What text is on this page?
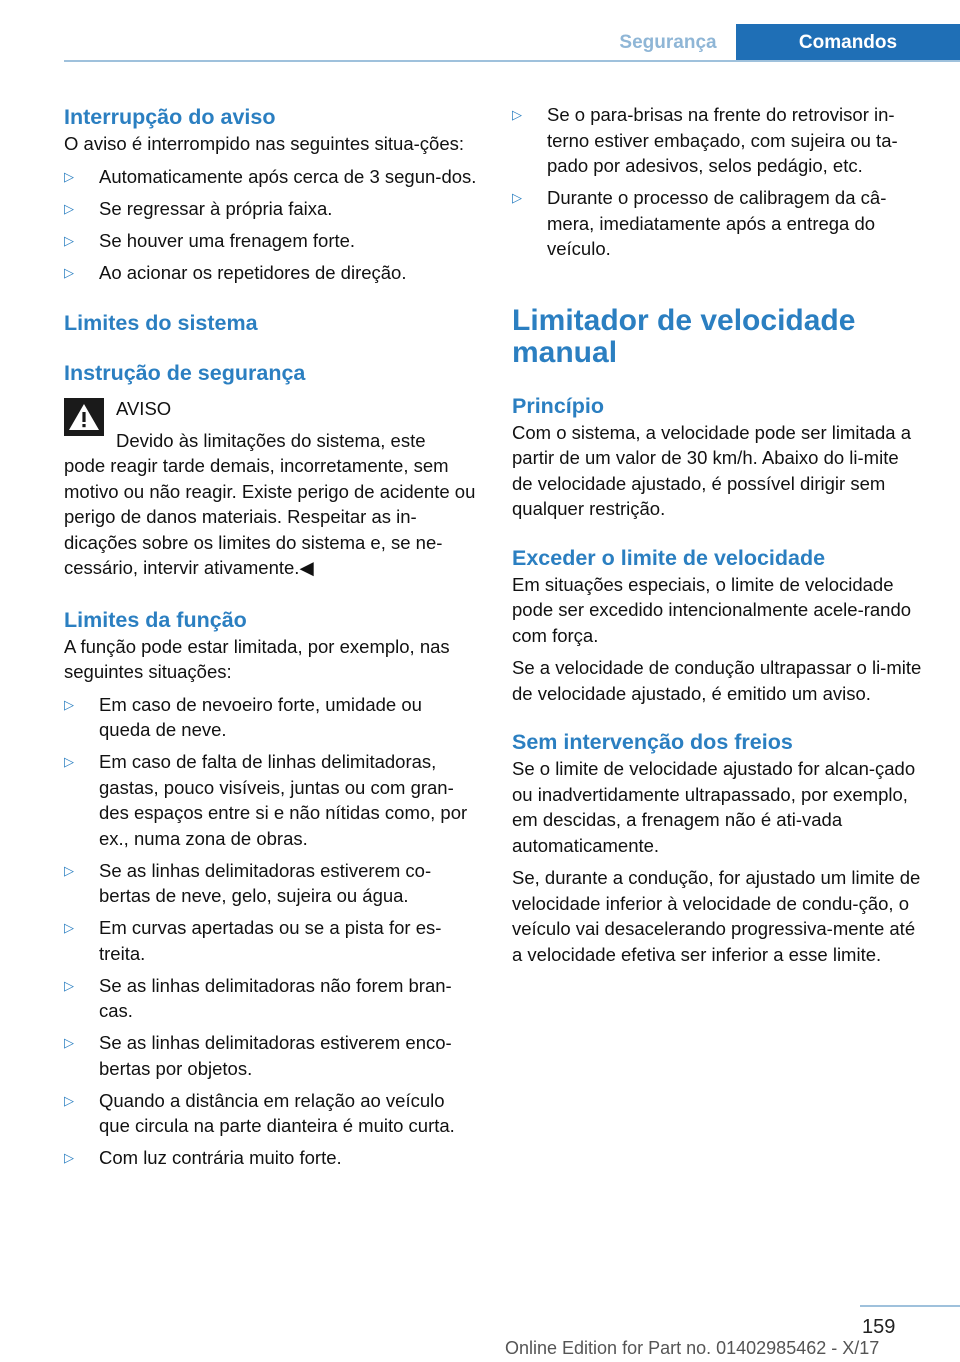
Segurança	Comandos
Interrupção do aviso
O aviso é interrompido nas seguintes situa-ções:
▷ Automaticamente após cerca de 3 segun-dos.
▷ Se regressar à própria faixa.
▷ Se houver uma frenagem forte.
▷ Ao acionar os repetidores de direção.
Limites do sistema
Instrução de segurança
AVISO
Devido às limitações do sistema, este
pode reagir tarde demais, incorretamente, sem motivo ou não reagir. Existe perigo de acidente ou perigo de danos materiais. Respeitar as in-dicações sobre os limites do sistema e, se ne-cessário, intervir ativamente.◀
Limites da função
A função pode estar limitada, por exemplo, nas seguintes situações:
▷ Em caso de nevoeiro forte, umidade ou queda de neve.
▷ Em caso de falta de linhas delimitadoras, gastas, pouco visíveis, juntas ou com gran-des espaços entre si e não nítidas como, por ex., numa zona de obras.
▷ Se as linhas delimitadoras estiverem co-bertas de neve, gelo, sujeira ou água.
▷ Em curvas apertadas ou se a pista for es-treita.
▷ Se as linhas delimitadoras não forem bran-cas.
▷ Se as linhas delimitadoras estiverem enco-bertas por objetos.
▷ Quando a distância em relação ao veículo que circula na parte dianteira é muito curta.
▷ Com luz contrária muito forte.
▷ Se o para-brisas na frente do retrovisor in-terno estiver embaçado, com sujeira ou ta-pado por adesivos, selos pedágio, etc.
▷ Durante o processo de calibragem da câ-mera, imediatamente após a entrega do veículo.
Limitador de velocidade manual
Princípio
Com o sistema, a velocidade pode ser limitada a partir de um valor de 30 km/h. Abaixo do li-mite de velocidade ajustado, é possível dirigir sem qualquer restrição.
Exceder o limite de velocidade
Em situações especiais, o limite de velocidade pode ser excedido intencionalmente acele-rando com força.
Se a velocidade de condução ultrapassar o li-mite de velocidade ajustado, é emitido um aviso.
Sem intervenção dos freios
Se o limite de velocidade ajustado for alcan-çado ou inadvertidamente ultrapassado, por exemplo, em descidas, a frenagem não é ati-vada automaticamente.
Se, durante a condução, for ajustado um limite de velocidade inferior à velocidade de condu-ção, o veículo vai desacelerando progressiva-mente até a velocidade efetiva ser inferior a esse limite.
159
Online Edition for Part no. 01402985462 - X/17
